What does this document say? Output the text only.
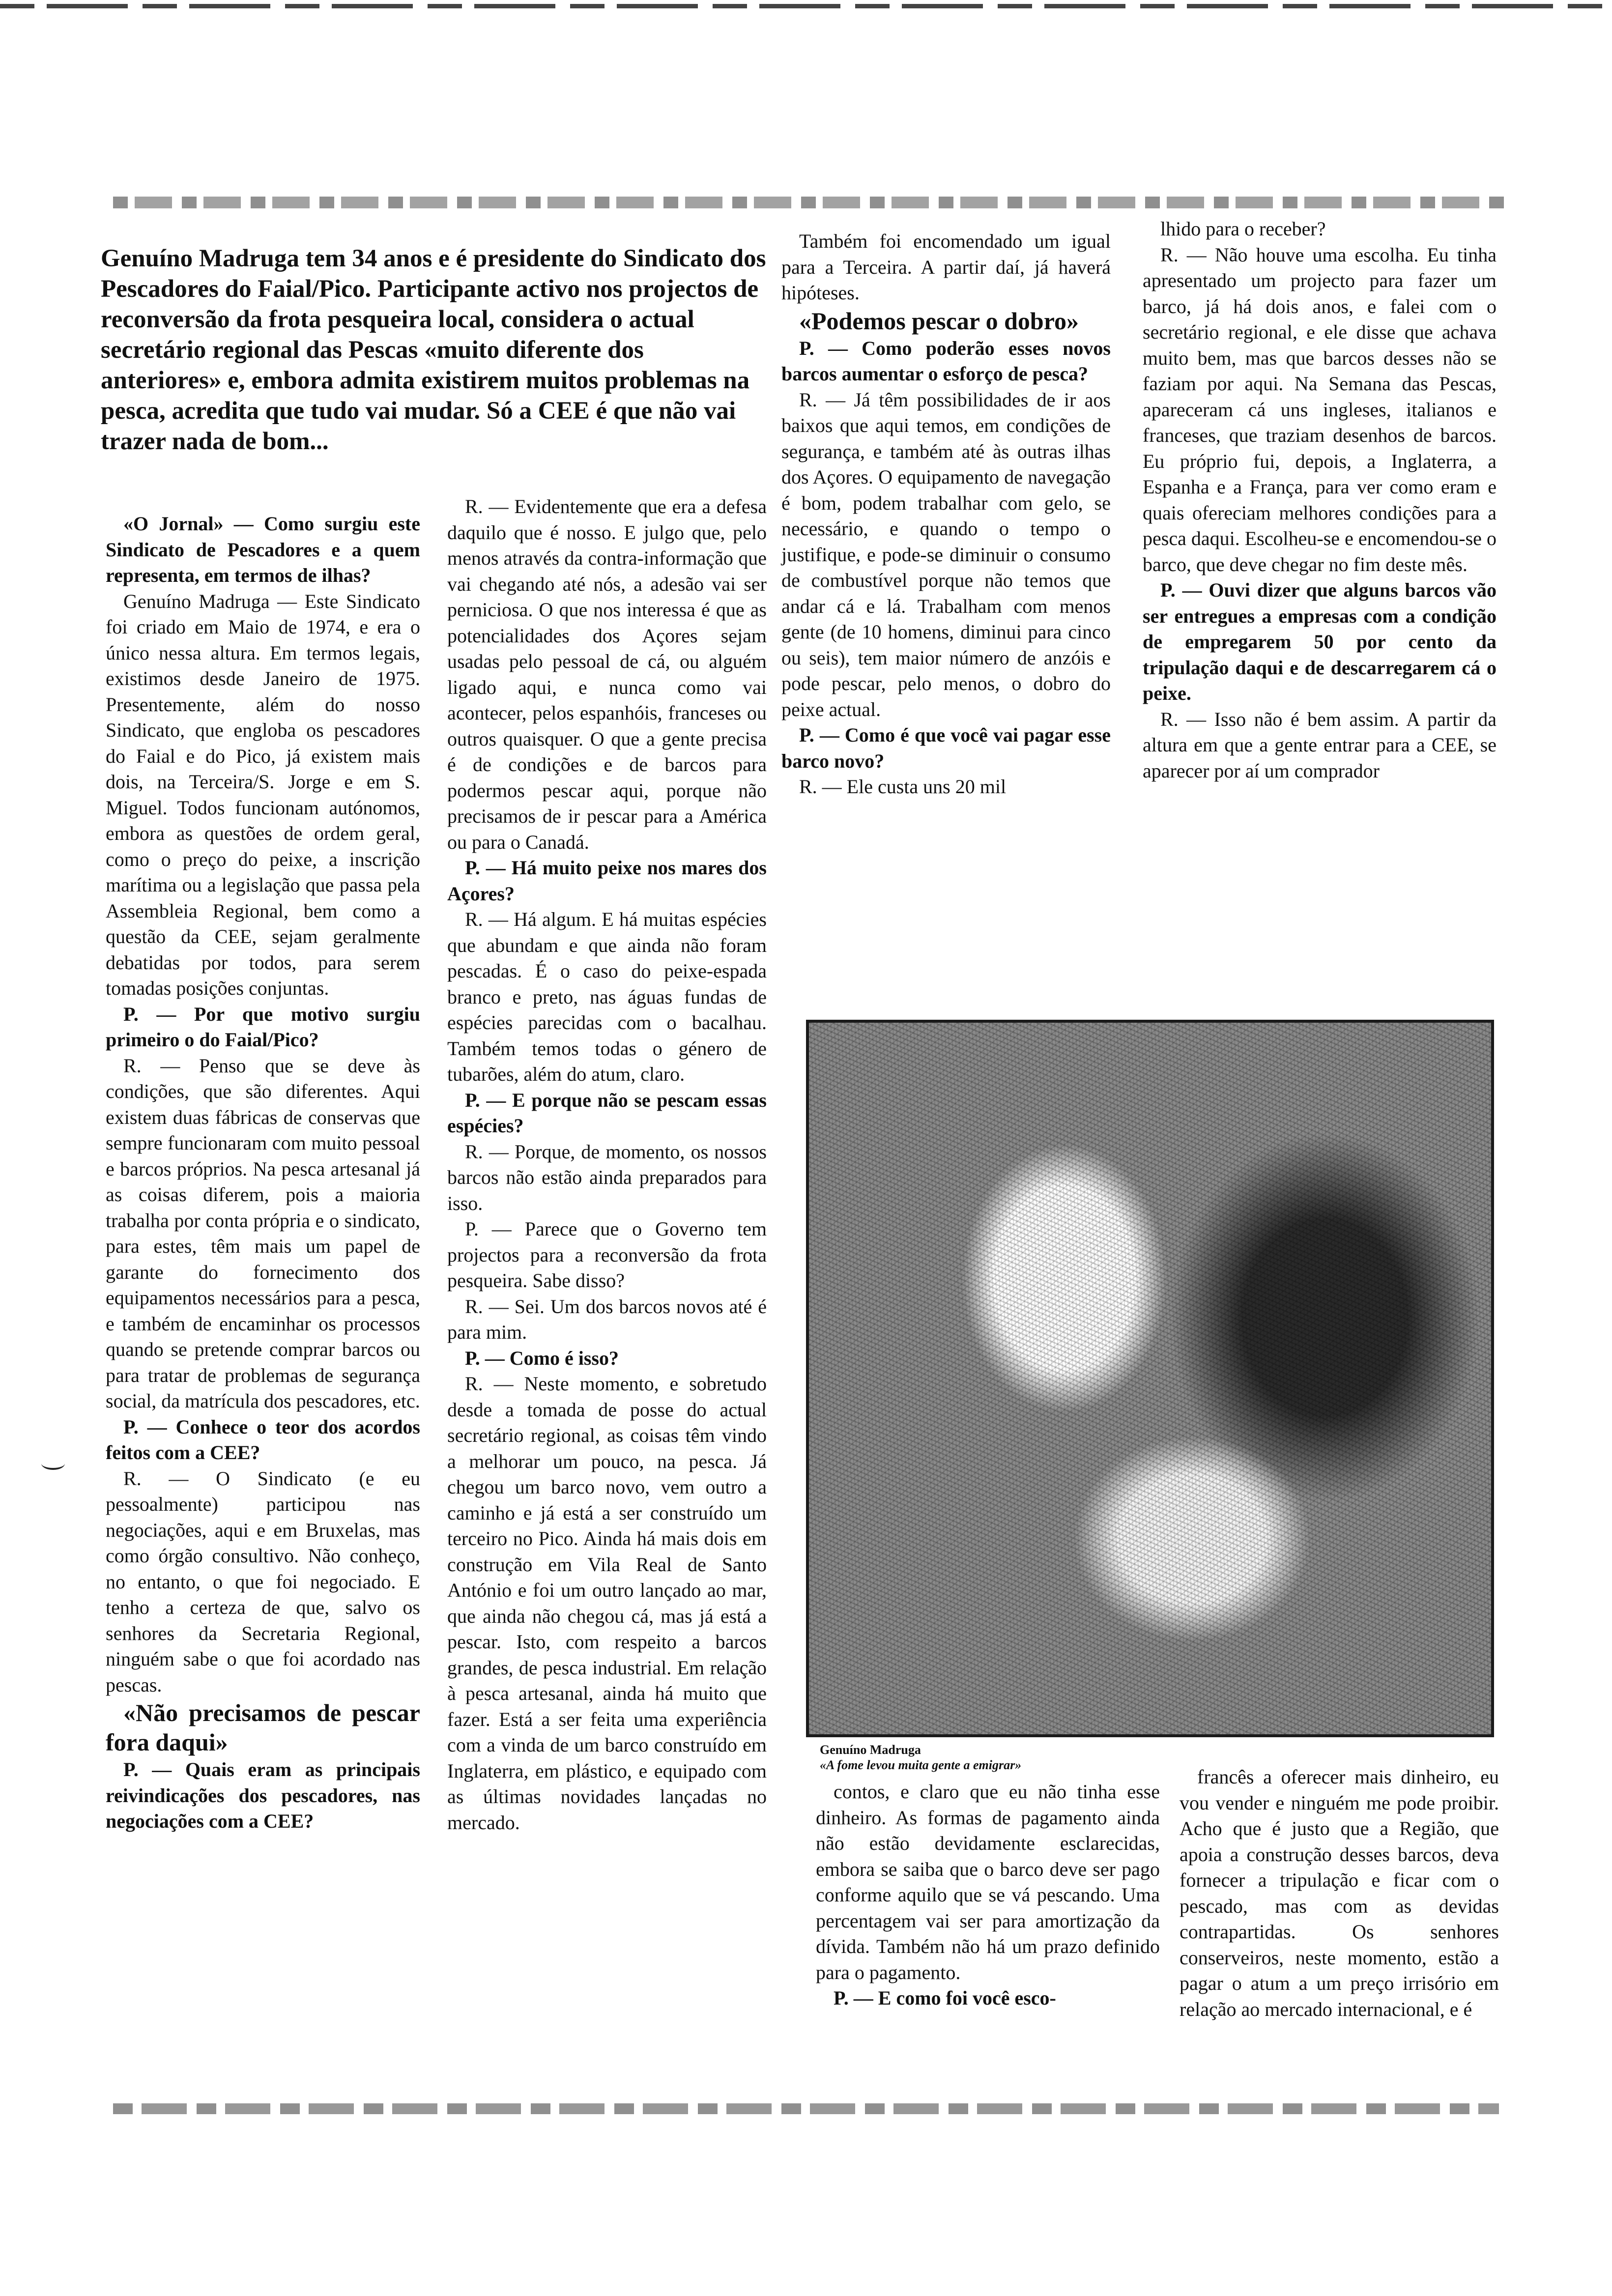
Genuíno Madruga tem 34 anos e é presidente do Sindicato dos Pescadores do Faial/Pico. Participante activo nos projectos de reconversão da frota pesqueira local, considera o actual secretário regional das Pescas «muito diferente dos anteriores» e, embora admita existirem muitos problemas na pesca, acredita que tudo vai mudar. Só a CEE é que não vai trazer nada de bom...

«O Jornal» — Como surgiu este Sindicato de Pescadores e a quem representa, em termos de ilhas?

Genuíno Madruga — Este Sindicato foi criado em Maio de 1974, e era o único nessa altura. Em termos legais, existimos desde Janeiro de 1975. Presentemente, além do nosso Sindicato, que engloba os pescadores do Faial e do Pico, já existem mais dois, na Terceira/S. Jorge e em S. Miguel. Todos funcionam autónomos, embora as questões de ordem geral, como o preço do peixe, a inscrição marítima ou a legislação que passa pela Assembleia Regional, bem como a questão da CEE, sejam geralmente debatidas por todos, para serem tomadas posições conjuntas.

P. — Por que motivo surgiu primeiro o do Faial/Pico?

R. — Penso que se deve às condições, que são diferentes. Aqui existem duas fábricas de conservas que sempre funcionaram com muito pessoal e barcos próprios. Na pesca artesanal já as coisas diferem, pois a maioria trabalha por conta própria e o sindicato, para estes, têm mais um papel de garante do fornecimento dos equipamentos necessários para a pesca, e também de encaminhar os processos quando se pretende comprar barcos ou para tratar de problemas de segurança social, da matrícula dos pescadores, etc.

P. — Conhece o teor dos acordos feitos com a CEE?

R. — O Sindicato (e eu pessoalmente) participou nas negociações, aqui e em Bruxelas, mas como órgão consultivo. Não conheço, no entanto, o que foi negociado. E tenho a certeza de que, salvo os senhores da Secretaria Regional, ninguém sabe o que foi acordado nas pescas.

«Não precisamos de pescar fora daqui»

P. — Quais eram as principais reivindicações dos pescadores, nas negociações com a CEE?

R. — Evidentemente que era a defesa daquilo que é nosso. E julgo que, pelo menos através da contra-informação que vai chegando até nós, a adesão vai ser perniciosa. O que nos interessa é que as potencialidades dos Açores sejam usadas pelo pessoal de cá, ou alguém ligado aqui, e nunca como vai acontecer, pelos espanhóis, franceses ou outros quaisquer. O que a gente precisa é de condições e de barcos para podermos pescar aqui, porque não precisamos de ir pescar para a América ou para o Canadá.

P. — Há muito peixe nos mares dos Açores?

R. — Há algum. E há muitas espécies que abundam e que ainda não foram pescadas. É o caso do peixe-espada branco e preto, nas águas fundas de espécies parecidas com o bacalhau. Também temos todas o género de tubarões, além do atum, claro.

P. — E porque não se pescam essas espécies?

R. — Porque, de momento, os nossos barcos não estão ainda preparados para isso.

P. — Parece que o Governo tem projectos para a reconversão da frota pesqueira. Sabe disso?

R. — Sei. Um dos barcos novos até é para mim.

P. — Como é isso?

R. — Neste momento, e sobretudo desde a tomada de posse do actual secretário regional, as coisas têm vindo a melhorar um pouco, na pesca. Já chegou um barco novo, vem outro a caminho e já está a ser construído um terceiro no Pico. Ainda há mais dois em construção em Vila Real de Santo António e foi um outro lançado ao mar, que ainda não chegou cá, mas já está a pescar. Isto, com respeito a barcos grandes, de pesca industrial. Em relação à pesca artesanal, ainda há muito que fazer. Está a ser feita uma experiência com a vinda de um barco construído em Inglaterra, em plástico, e equipado com as últimas novidades lançadas no mercado.

Também foi encomendado um igual para a Terceira. A partir daí, já haverá hipóteses.

«Podemos pescar o dobro»

P. — Como poderão esses novos barcos aumentar o esforço de pesca?

R. — Já têm possibilidades de ir aos baixos que aqui temos, em condições de segurança, e também até às outras ilhas dos Açores. O equipamento de navegação é bom, podem trabalhar com gelo, se necessário, e quando o tempo o justifique, e pode-se diminuir o consumo de combustível porque não temos que andar cá e lá. Trabalham com menos gente (de 10 homens, diminui para cinco ou seis), tem maior número de anzóis e pode pescar, pelo menos, o dobro do peixe actual.

P. — Como é que você vai pagar esse barco novo?

R. — Ele custa uns 20 mil

lhido para o receber?

R. — Não houve uma escolha. Eu tinha apresentado um projecto para fazer um barco, já há dois anos, e falei com o secretário regional, e ele disse que achava muito bem, mas que barcos desses não se faziam por aqui. Na Semana das Pescas, apareceram cá uns ingleses, italianos e franceses, que traziam desenhos de barcos. Eu próprio fui, depois, a Inglaterra, a Espanha e a França, para ver como eram e quais ofereciam melhores condições para a pesca daqui. Escolheu-se e encomendou-se o barco, que deve chegar no fim deste mês.

P. — Ouvi dizer que alguns barcos vão ser entregues a empresas com a condição de empregarem 50 por cento da tripulação daqui e de descarregarem cá o peixe.

R. — Isso não é bem assim. A partir da altura em que a gente entrar para a CEE, se aparecer por aí um comprador

Genuíno Madruga
«A fome levou muita gente a emigrar»

contos, e claro que eu não tinha esse dinheiro. As formas de pagamento ainda não estão devidamente esclarecidas, embora se saiba que o barco deve ser pago conforme aquilo que se vá pescando. Uma percentagem vai ser para amortização da dívida. Também não há um prazo definido para o pagamento.

P. — E como foi você esco-

francês a oferecer mais dinheiro, eu vou vender e ninguém me pode proibir. Acho que é justo que a Região, que apoia a construção desses barcos, deva fornecer a tripulação e ficar com o pescado, mas com as devidas contrapartidas. Os senhores conserveiros, neste momento, estão a pagar o atum a um preço irrisório em relação ao mercado internacional, e é
